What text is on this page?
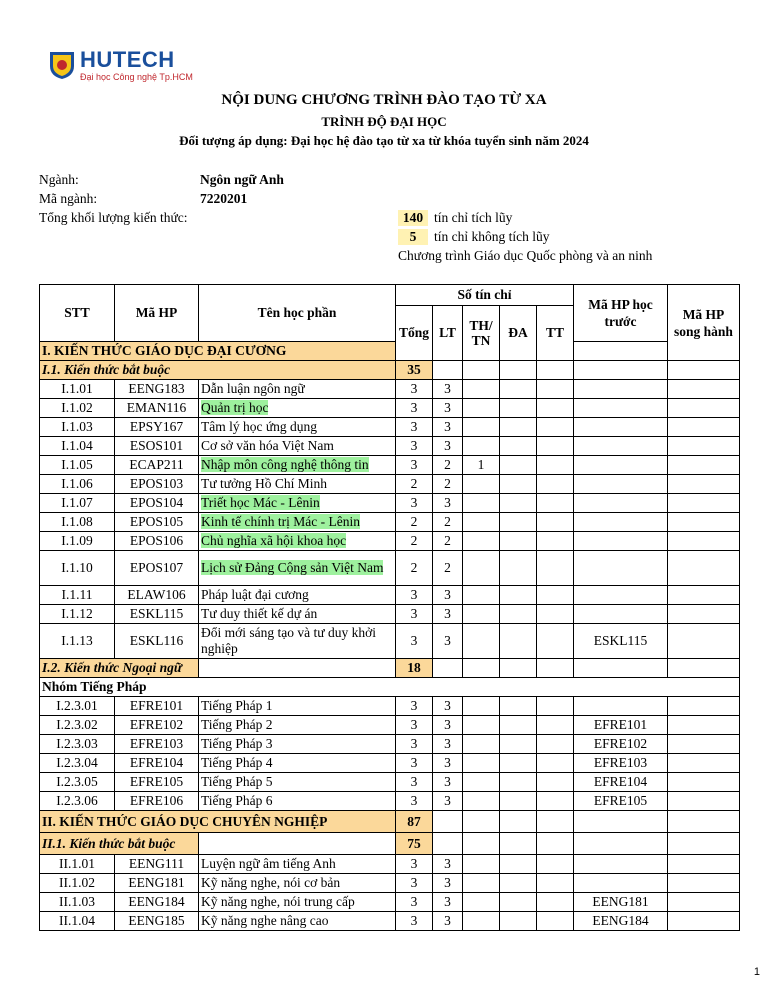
HUTECH
Đại học Công nghệ Tp.HCM
NỘI DUNG CHƯƠNG TRÌNH ĐÀO TẠO TỪ XA
TRÌNH ĐỘ ĐẠI HỌC
Đối tượng áp dụng: Đại học hệ đào tạo từ xa từ khóa tuyển sinh năm 2024
Ngành:	Ngôn ngữ Anh
Mã ngành:	7220201
Tổng khối lượng kiến thức:	140 tín chỉ tích lũy
5	tín chỉ không tích lũy
Chương trình Giáo dục Quốc phòng và an ninh
STT	Mã HP	Tên học phần	Số tín chỉ					Mã HP học trước	Mã HP song hành
			Tổng	LT	TH/ TN	ĐA	TT		
I. KIẾN THỨC GIÁO DỤC ĐẠI CƯƠNG									
I.1. Kiến thức bắt buộc			35						
I.1.01	EENG183	Dẫn luận ngôn ngữ	3	3					
I.1.02	EMAN116	Quản trị học	3	3					
I.1.03	EPSY167	Tâm lý học ứng dụng	3	3					
I.1.04	ESOS101	Cơ sở văn hóa Việt Nam	3	3					
I.1.05	ECAP211	Nhập môn công nghệ thông tin	3	2	1				
I.1.06	EPOS103	Tư tưởng Hồ Chí Minh	2	2					
I.1.07	EPOS104	Triết học Mác - Lênin	3	3					
I.1.08	EPOS105	Kinh tế chính trị Mác - Lênin	2	2					
I.1.09	EPOS106	Chủ nghĩa xã hội khoa học	2	2					
I.1.10	EPOS107	Lịch sử Đảng Cộng sản Việt Nam	2	2					
I.1.11	ELAW106	Pháp luật đại cương	3	3					
I.1.12	ESKL115	Tư duy thiết kế dự án	3	3					
I.1.13	ESKL116	Đổi mới sáng tạo và tư duy khởi nghiệp	3	3				ESKL115	
I.2. Kiến thức Ngoại ngữ			18						
Nhóm Tiếng Pháp									
I.2.3.01	EFRE101	Tiếng Pháp 1	3	3					
I.2.3.02	EFRE102	Tiếng Pháp 2	3	3				EFRE101	
I.2.3.03	EFRE103	Tiếng Pháp 3	3	3				EFRE102	
I.2.3.04	EFRE104	Tiếng Pháp 4	3	3				EFRE103	
I.2.3.05	EFRE105	Tiếng Pháp 5	3	3				EFRE104	
I.2.3.06	EFRE106	Tiếng Pháp 6	3	3				EFRE105	
II. KIẾN THỨC GIÁO DỤC CHUYÊN NGHIỆP			87						
II.1. Kiến thức bắt buộc			75						
II.1.01	EENG111	Luyện ngữ âm tiếng Anh	3	3					
II.1.02	EENG181	Kỹ năng nghe, nói cơ bản	3	3					
II.1.03	EENG184	Kỹ năng nghe, nói trung cấp	3	3				EENG181	
II.1.04	EENG185	Kỹ năng nghe nâng cao	3	3				EENG184	
1
